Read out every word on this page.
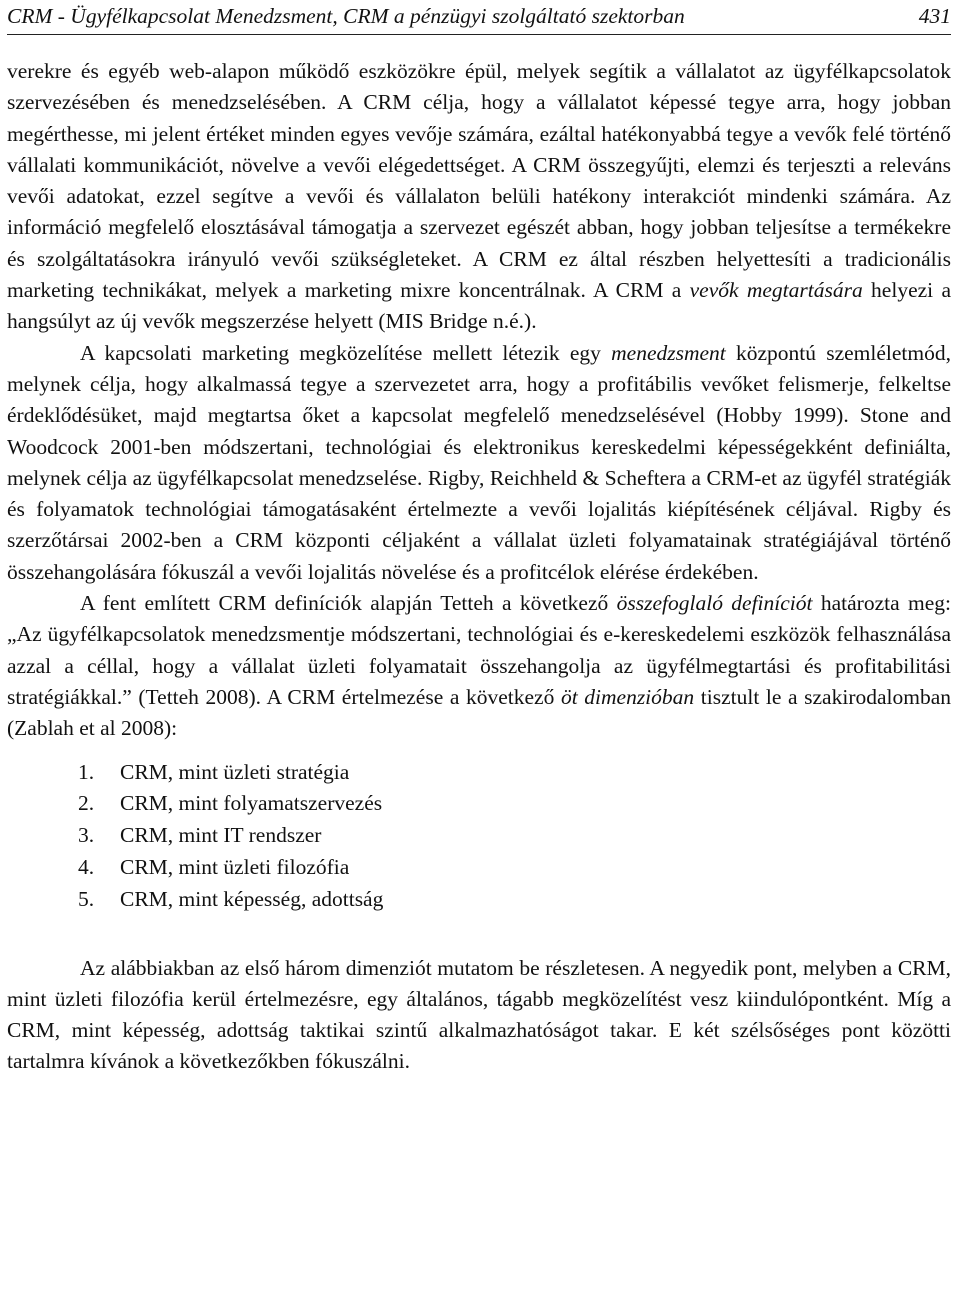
CRM - Ügyfélkapcsolat Menedzsment, CRM a pénzügyi szolgáltató szektorban	431

verekre és egyéb web-alapon működő eszközökre épül, melyek segítik a vállalatot az ügyfélkapcsolatok szervezésében és menedzselésében. A CRM célja, hogy a vállalatot képessé tegye arra, hogy jobban megérthesse, mi jelent értéket minden egyes vevője számára, ezáltal hatékonyabbá tegye a vevők felé történő vállalati kommunikációt, növelve a vevői elégedettséget. A CRM összegyűjti, elemzi és terjeszti a releváns vevői adatokat, ezzel segítve a vevői és vállalaton belüli hatékony interakciót mindenki számára. Az információ megfelelő elosztásával támogatja a szervezet egészét abban, hogy jobban teljesítse a termékekre és szolgáltatásokra irányuló vevői szükségleteket. A CRM ez által részben helyettesíti a tradicionális marketing technikákat, melyek a marketing mixre koncentrálnak. A CRM a vevők megtartására helyezi a hangsúlyt az új vevők megszerzése helyett (MIS Bridge n.é.).

A kapcsolati marketing megközelítése mellett létezik egy menedzsment központú szemléletmód, melynek célja, hogy alkalmassá tegye a szervezetet arra, hogy a profitábilis vevőket felismerje, felkeltse érdeklődésüket, majd megtartsa őket a kapcsolat megfelelő menedzselésével (Hobby 1999). Stone and Woodcock 2001-ben módszertani, technológiai és elektronikus kereskedelmi képességekként definiálta, melynek célja az ügyfélkapcsolat menedzselése. Rigby, Reichheld & Scheftera a CRM-et az ügyfél stratégiák és folyamatok technológiai támogatásaként értelmezte a vevői lojalitás kiépítésének céljával. Rigby és szerzőtársai 2002-ben a CRM központi céljaként a vállalat üzleti folyamatainak stratégiájával történő összehangolására fókuszál a vevői lojalitás növelése és a profitcélok elérése érdekében.

A fent említett CRM definíciók alapján Tetteh a következő összefoglaló definíciót határozta meg: „Az ügyfélkapcsolatok menedzsmentje módszertani, technológiai és e-kereskedelemi eszközök felhasználása azzal a céllal, hogy a vállalat üzleti folyamatait összehangolja az ügyfélmegtartási és profitabilitási stratégiákkal.” (Tetteh 2008). A CRM értelmezése a következő öt dimenzióban tisztult le a szakirodalomban (Zablah et al 2008):

1. CRM, mint üzleti stratégia
2. CRM, mint folyamatszervezés
3. CRM, mint IT rendszer
4. CRM, mint üzleti filozófia
5. CRM, mint képesség, adottság

Az alábbiakban az első három dimenziót mutatom be részletesen. A negyedik pont, melyben a CRM, mint üzleti filozófia kerül értelmezésre, egy általános, tágabb megközelítést vesz kiindulópontként. Míg a CRM, mint képesség, adottság taktikai szintű alkalmazhatóságot takar. E két szélsőséges pont közötti tartalmra kívánok a következőkben fókuszálni.
